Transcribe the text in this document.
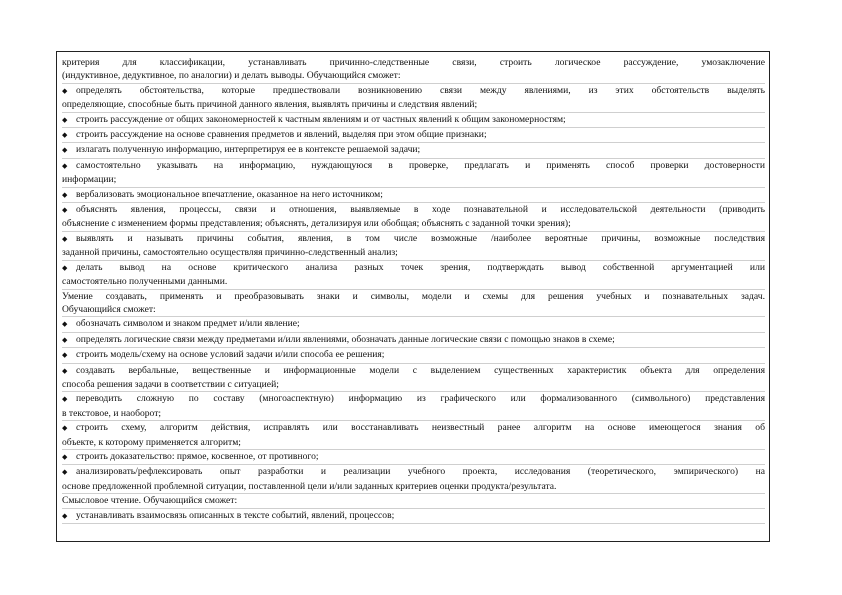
критерия для классификации, устанавливать причинно-следственные связи, строить логическое рассуждение, умозаключение
(индуктивное, дедуктивное, по аналогии) и делать выводы. Обучающийся сможет:
◆ определять обстоятельства, которые предшествовали возникновению связи между явлениями, из этих обстоятельств выделять
определяющие, способные быть причиной данного явления, выявлять причины и следствия явлений;
◆ строить рассуждение от общих закономерностей к частным явлениям и от частных явлений к общим закономерностям;
◆ строить рассуждение на основе сравнения предметов и явлений, выделяя при этом общие признаки;
◆ излагать полученную информацию, интерпретируя ее в контексте решаемой задачи;
◆ самостоятельно указывать на информацию, нуждающуюся в проверке, предлагать и применять способ проверки достоверности
информации;
◆ вербализовать эмоциональное впечатление, оказанное на него источником;
◆ объяснять явления, процессы, связи и отношения, выявляемые в ходе познавательной и исследовательской деятельности (приводить
объяснение с изменением формы представления; объяснять, детализируя или обобщая; объяснять с заданной точки зрения);
◆ выявлять и называть причины события, явления, в том числе возможные /наиболее вероятные причины, возможные последствия
заданной причины, самостоятельно осуществляя причинно-следственный анализ;
◆ делать вывод на основе критического анализа разных точек зрения, подтверждать вывод собственной аргументацией или
самостоятельно полученными данными.
Умение создавать, применять и преобразовывать знаки и символы, модели и схемы для решения учебных и познавательных задач.
Обучающийся сможет:
◆ обозначать символом и знаком предмет и/или явление;
◆ определять логические связи между предметами и/или явлениями, обозначать данные логические связи с помощью знаков в схеме;
◆ строить модель/схему на основе условий задачи и/или способа ее решения;
◆ создавать вербальные, вещественные и информационные модели с выделением существенных характеристик объекта для определения
способа решения задачи в соответствии с ситуацией;
◆ переводить сложную по составу (многоаспектную) информацию из графического или формализованного (символьного) представления
в текстовое, и наоборот;
◆ строить схему, алгоритм действия, исправлять или восстанавливать неизвестный ранее алгоритм на основе имеющегося знания об
объекте, к которому применяется алгоритм;
◆ строить доказательство: прямое, косвенное, от противного;
◆ анализировать/рефлексировать опыт разработки и реализации учебного проекта, исследования (теоретического, эмпирического) на
основе предложенной проблемной ситуации, поставленной цели и/или заданных критериев оценки продукта/результата.
Смысловое чтение. Обучающийся сможет:
◆ устанавливать взаимосвязь описанных в тексте событий, явлений, процессов;
